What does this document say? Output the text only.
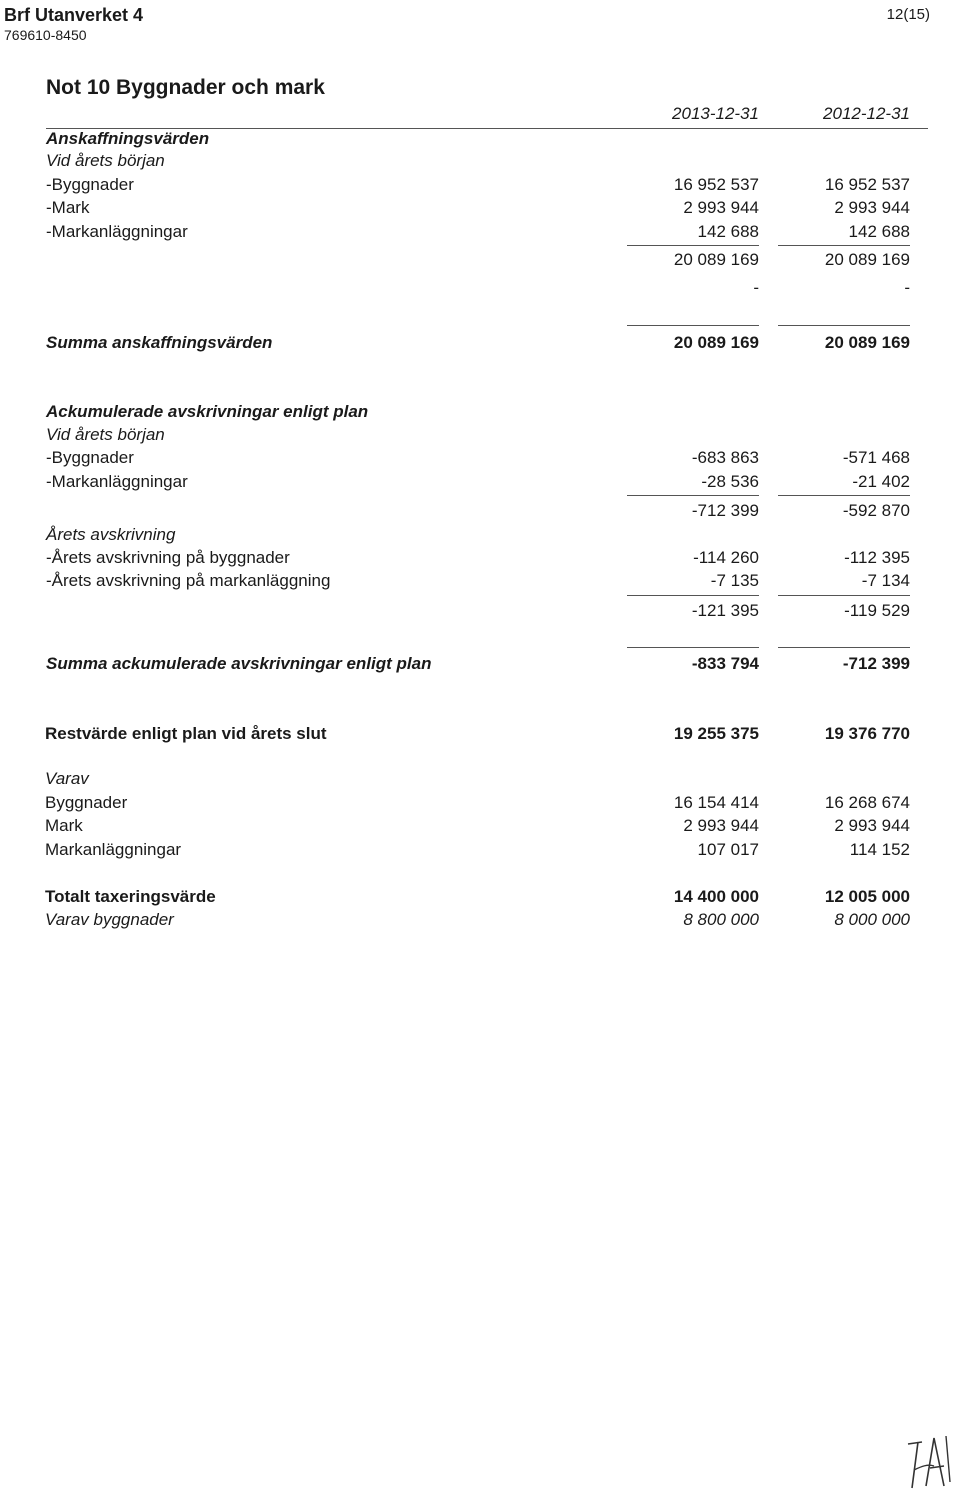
Brf Utanverket 4
769610-8450
12(15)
Not 10 Byggnader och mark
2013-12-31	2012-12-31
Anskaffningsvärden
Vid årets början
-Byggnader	16 952 537	16 952 537
-Mark	2 993 944	2 993 944
-Markanläggningar	142 688	142 688
20 089 169	20 089 169
-	-
Summa anskaffningsvärden	20 089 169	20 089 169
Ackumulerade avskrivningar enligt plan
Vid årets början
-Byggnader	-683 863	-571 468
-Markanläggningar	-28 536	-21 402
-712 399	-592 870
Årets avskrivning
-Årets avskrivning på byggnader	-114 260	-112 395
-Årets avskrivning på markanläggning	-7 135	-7 134
-121 395	-119 529
Summa ackumulerade avskrivningar enligt plan	-833 794	-712 399
Restvärde enligt plan vid årets slut	19 255 375	19 376 770
Varav
Byggnader	16 154 414	16 268 674
Mark	2 993 944	2 993 944
Markanläggningar	107 017	114 152
Totalt taxeringsvärde	14 400 000	12 005 000
Varav byggnader	8 800 000	8 000 000
